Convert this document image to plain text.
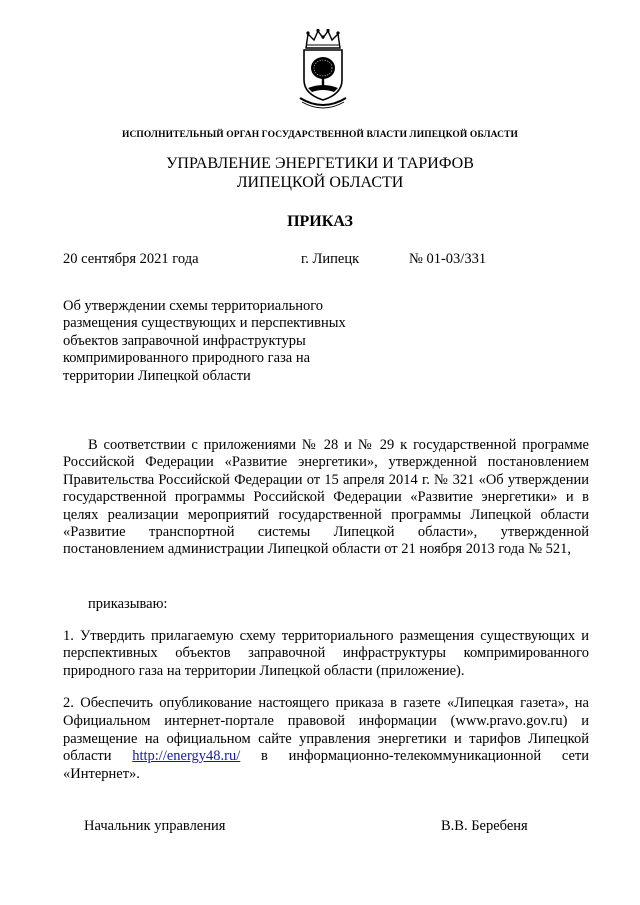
ИСПОЛНИТЕЛЬНЫЙ ОРГАН ГОСУДАРСТВЕННОЙ ВЛАСТИ ЛИПЕЦКОЙ ОБЛАСТИ
УПРАВЛЕНИЕ ЭНЕРГЕТИКИ И ТАРИФОВ
ЛИПЕЦКОЙ ОБЛАСТИ
ПРИКАЗ
20 сентября 2021 года	г. Липецк	№ 01-03/331
Об утверждении схемы территориального размещения существующих и перспективных объектов заправочной инфраструктуры компримированного природного газа на территории Липецкой области
В соответствии с приложениями № 28 и № 29 к государственной программе Российской Федерации «Развитие энергетики», утвержденной постановлением Правительства Российской Федерации от 15 апреля 2014 г. № 321 «Об утверждении государственной программы Российской Федерации «Развитие энергетики» и в целях реализации мероприятий государственной программы Липецкой области «Развитие транспортной системы Липецкой области», утвержденной постановлением администрации Липецкой области от 21 ноября 2013 года № 521,
приказываю:
1. Утвердить прилагаемую схему территориального размещения существующих и перспективных объектов заправочной инфраструктуры компримированного природного газа на территории Липецкой области (приложение).
2. Обеспечить опубликование настоящего приказа в газете «Липецкая газета», на Официальном интернет-портале правовой информации (www.pravo.gov.ru) и размещение на официальном сайте управления энергетики и тарифов Липецкой области http://energy48.ru/ в информационно-телекоммуникационной сети «Интернет».
Начальник управления	В.В. Беребеня
